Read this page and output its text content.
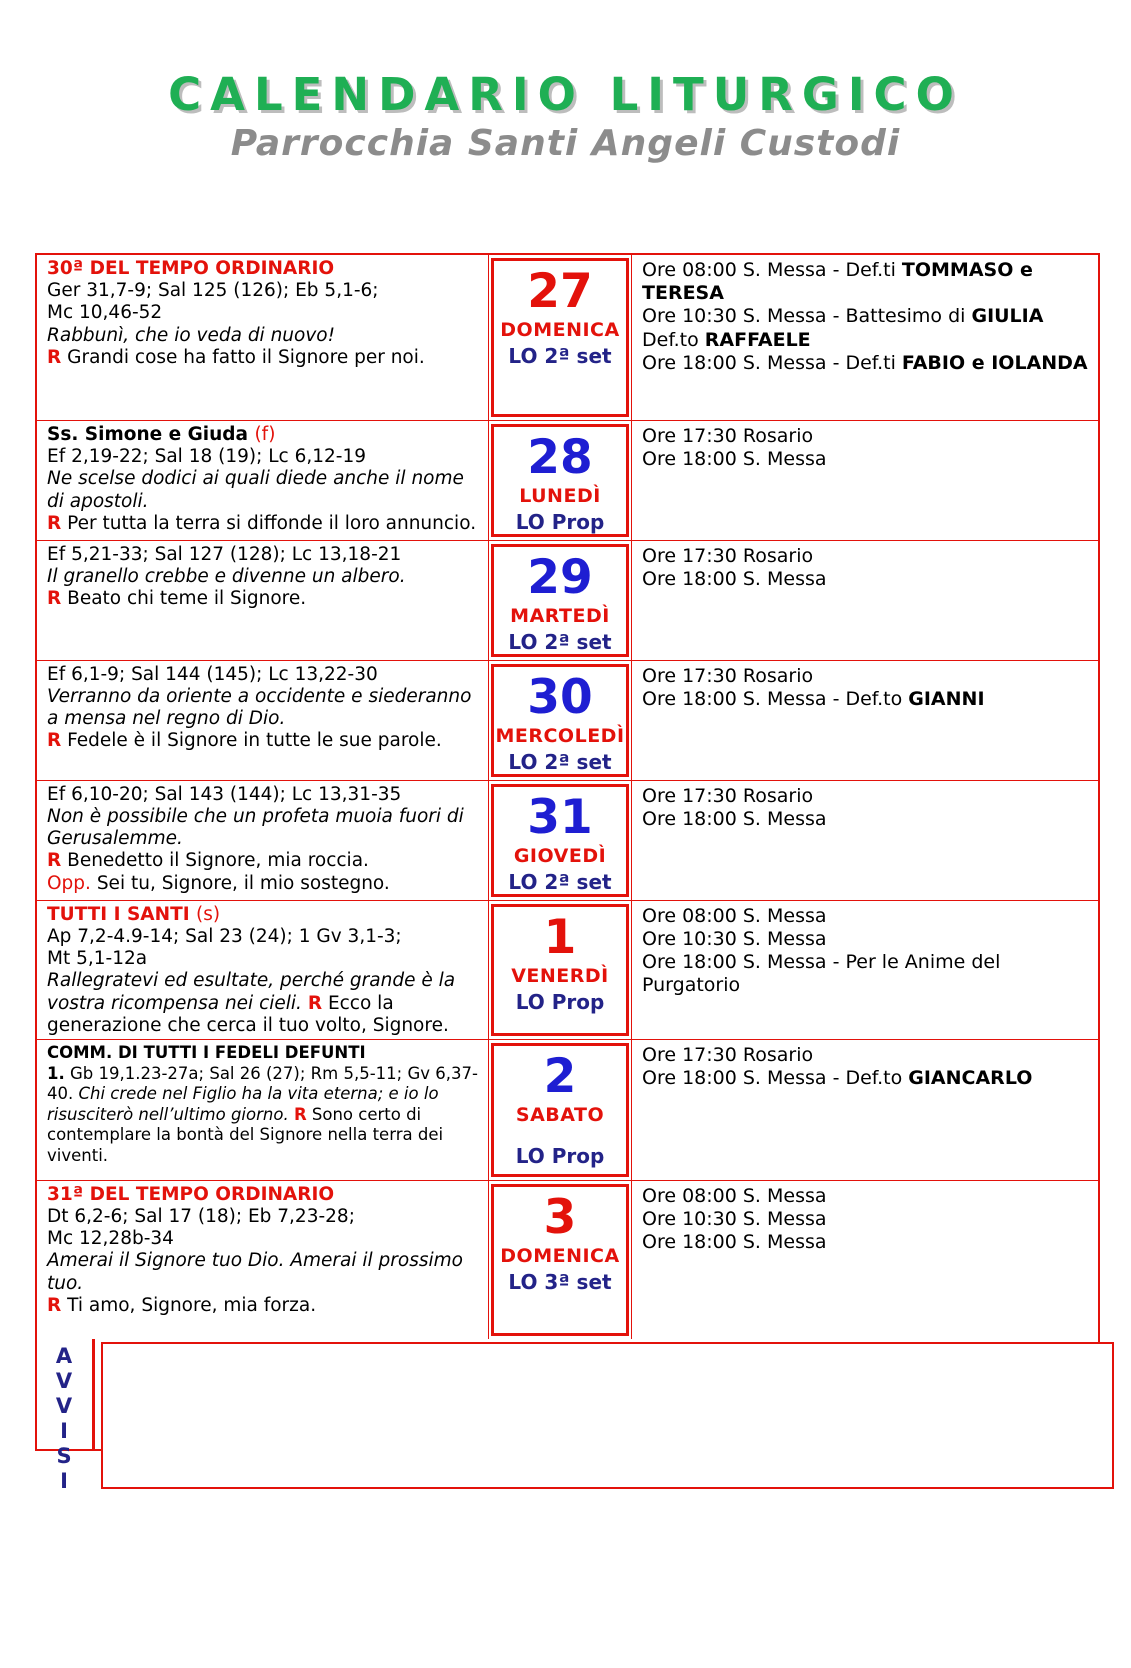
CALENDARIO LITURGICO
Parrocchia Santi Angeli Custodi
30ª DEL TEMPO ORDINARIO
Ger 31,7-9; Sal 125 (126); Eb 5,1-6;
Mc 10,46-52
Rabbunì, che io veda di nuovo!
R Grandi cose ha fatto il Signore per noi.
27
DOMENICA
LO 2ª set
Ore 08:00 S. Messa - Def.ti TOMMASO e TERESA
Ore 10:30 S. Messa - Battesimo di GIULIA Def.to RAFFAELE
Ore 18:00 S. Messa - Def.ti FABIO e IOLANDA
Ss. Simone e Giuda (f)
Ef 2,19-22; Sal 18 (19); Lc 6,12-19
Ne scelse dodici ai quali diede anche il nome di apostoli.
R Per tutta la terra si diffonde il loro annuncio.
28
LUNEDÌ
LO Prop
Ore 17:30 Rosario
Ore 18:00 S. Messa
Ef 5,21-33; Sal 127 (128); Lc 13,18-21
Il granello crebbe e divenne un albero.
R Beato chi teme il Signore.	29
MARTEDÌ
LO 2ª set
Ore 17:30 Rosario
Ore 18:00 S. Messa
Ef 6,1-9; Sal 144 (145); Lc 13,22-30
Verranno da oriente a occidente e siederanno a mensa nel regno di Dio.
R Fedele è il Signore in tutte le sue parole.
30
MERCOLEDÌ
LO 2ª set
Ore 17:30 Rosario
Ore 18:00 S. Messa - Def.to GIANNI
Ef 6,10-20; Sal 143 (144); Lc 13,31-35
Non è possibile che un profeta muoia fuori di Gerusalemme.
R Benedetto il Signore, mia roccia.
Opp. Sei tu, Signore, il mio sostegno.
31
GIOVEDÌ
LO 2ª set
Ore 17:30 Rosario
Ore 18:00 S. Messa
TUTTI I SANTI (s)
Ap 7,2-4.9-14; Sal 23 (24); 1 Gv 3,1-3;
Mt 5,1-12a
Rallegratevi ed esultate, perché grande è la vostra ricompensa nei cieli. R Ecco la generazione che cerca il tuo volto, Signore.
1
VENERDÌ
LO Prop
Ore 08:00 S. Messa
Ore 10:30 S. Messa
Ore 18:00 S. Messa - Per le Anime del Purgatorio
COMM. DI TUTTI I FEDELI DEFUNTI
1. Gb 19,1.23-27a; Sal 26 (27); Rm 5,5-11; Gv 6,37-40. Chi crede nel Figlio ha la vita eterna; e io lo risusciterò nell’ultimo giorno. R Sono certo di contemplare la bontà del Signore nella terra dei viventi.
2
SABATO
LO Prop
Ore 17:30 Rosario
Ore 18:00 S. Messa - Def.to GIANCARLO
31ª DEL TEMPO ORDINARIO
Dt 6,2-6; Sal 17 (18); Eb 7,23-28;
Mc 12,28b-34
Amerai il Signore tuo Dio. Amerai il prossimo tuo.
R Ti amo, Signore, mia forza.
3
DOMENICA
LO 3ª set
Ore 08:00 S. Messa
Ore 10:30 S. Messa
Ore 18:00 S. Messa
A
V
V
I
S
I
